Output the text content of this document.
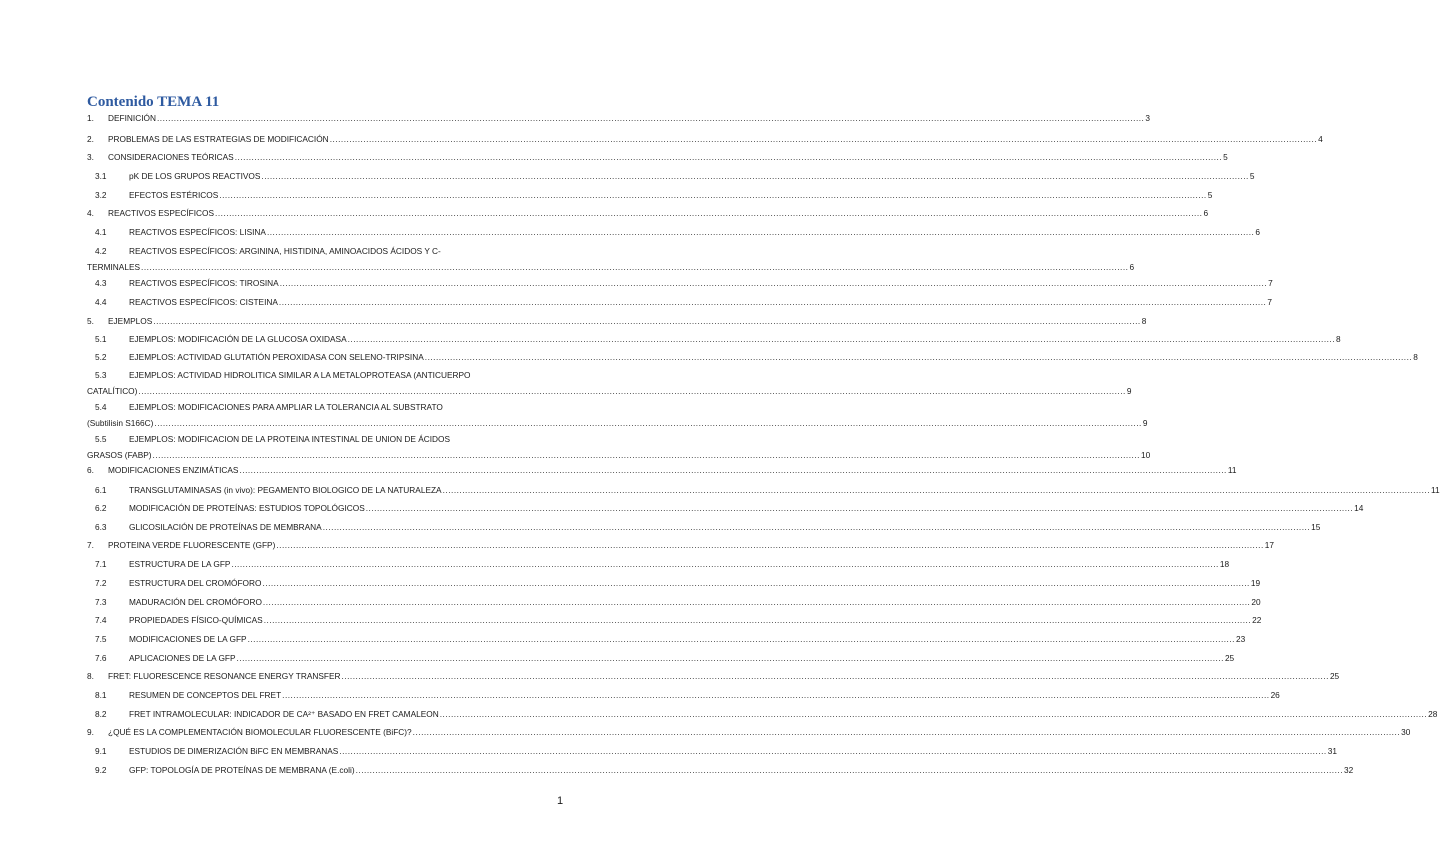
Contenido TEMA 11
1. DEFINICIÓN .....	3
2. PROBLEMAS DE LAS ESTRATEGIAS DE MODIFICACIÓN .....	4
3. CONSIDERACIONES TEÓRICAS .....	5
3.1	pK DE LOS GRUPOS REACTIVOS .....	5
3.2	EFECTOS ESTÉRICOS .....	5
4. REACTIVOS ESPECÍFICOS .....	6
4.1	REACTIVOS ESPECÍFICOS: LISINA .....	6
4.2	REACTIVOS ESPECÍFICOS: ARGININA, HISTIDINA, AMINOACIDOS ÁCIDOS Y C-
TERMINALES .....	6
4.3	REACTIVOS ESPECÍFICOS: TIROSINA .....	7
4.4	REACTIVOS ESPECÍFICOS: CISTEINA .....	7
5. EJEMPLOS .....	8
5.1	EJEMPLOS: MODIFICACIÓN DE LA GLUCOSA OXIDASA .....	8
5.2	EJEMPLOS: ACTIVIDAD GLUTATIÓN PEROXIDASA CON SELENO-TRIPSINA .....	8
5.3	EJEMPLOS: ACTIVIDAD HIDROLITICA SIMILAR A LA METALOPROTEASA (ANTICUERPO
CATALÍTICO) .....	9
5.4	EJEMPLOS: MODIFICACIONES PARA AMPLIAR LA TOLERANCIA AL SUBSTRATO
(Subtilisin S166C) .....	9
5.5	EJEMPLOS: MODIFICACION DE LA PROTEINA INTESTINAL DE UNION DE ÁCIDOS
GRASOS (FABP) .....	10
6. MODIFICACIONES ENZIMÁTICAS .....	11
6.1	TRANSGLUTAMINASAS (in vivo): PEGAMENTO BIOLOGICO DE LA NATURALEZA .....	11
6.2	MODIFICACIÓN DE PROTEÍNAS: ESTUDIOS TOPOLÓGICOS .....	14
6.3	GLICOSILACIÓN DE PROTEÍNAS DE MEMBRANA .....	15
7. PROTEINA VERDE FLUORESCENTE (GFP) .....	17
7.1	ESTRUCTURA DE LA GFP .....	18
7.2	ESTRUCTURA DEL CROMÓFORO .....	19
7.3	MADURACIÓN DEL CROMÓFORO .....	20
7.4	PROPIEDADES FÍSICO-QUÍMICAS .....	22
7.5	MODIFICACIONES DE LA GFP .....	23
7.6	APLICACIONES DE LA GFP .....	25
8. FRET: FLUORESCENCE RESONANCE ENERGY TRANSFER .....	25
8.1	RESUMEN DE CONCEPTOS DEL FRET .....	26
8.2	FRET INTRAMOLECULAR: INDICADOR DE CA²⁺ BASADO EN FRET CAMALEON .....	28
9. ¿QUÉ ES LA COMPLEMENTACIÓN BIOMOLECULAR FLUORESCENTE (BiFC)? .....	30
9.1	ESTUDIOS DE DIMERIZACIÓN BiFC EN MEMBRANAS .....	31
9.2	GFP: TOPOLOGÍA DE PROTEÍNAS DE MEMBRANA (E.coli) .....	32
1
